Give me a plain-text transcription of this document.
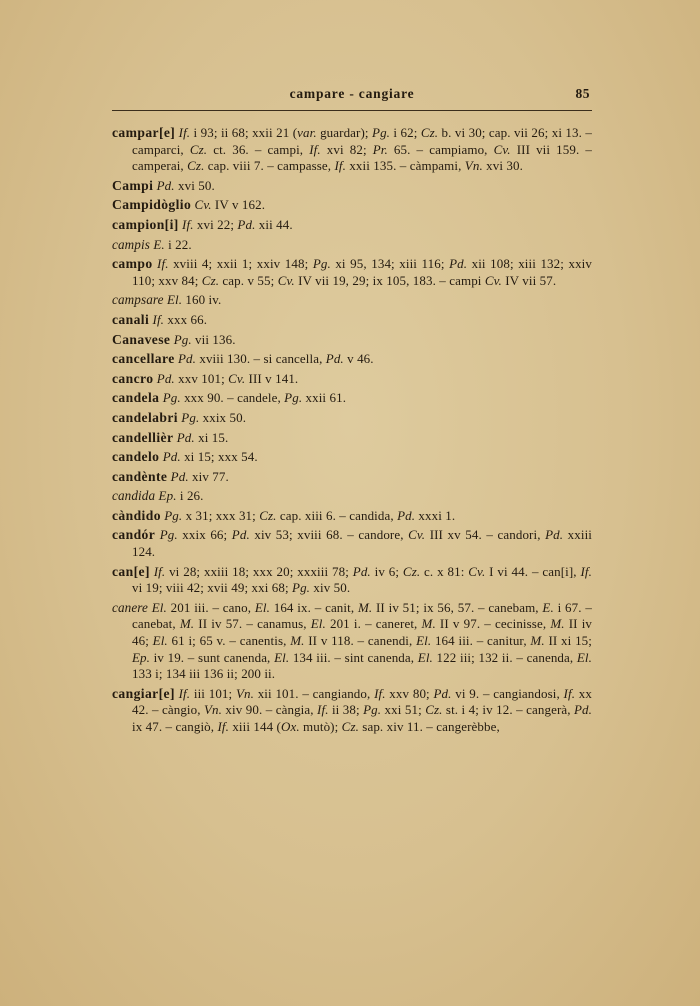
campare - cangiare	85

campar[e] If. i 93; ii 68; xxii 21 (var. guardar); Pg. i 62; Cz. b. vi 30; cap. vii 26; xi 13. – camparci, Cz. ct. 36. – campi, If. xvi 82; Pr. 65. – campiamo, Cv. III vii 159. – camperai, Cz. cap. viii 7. – campasse, If. xxii 135. – càmpami, Vn. xvi 30.

Campi Pd. xvi 50.

Campidòglio Cv. IV v 162.

campion[i] If. xvi 22; Pd. xii 44.

campis E. i 22.

campo If. xviii 4; xxii 1; xxiv 148; Pg. xi 95, 134; xiii 116; Pd. xii 108; xiii 132; xxiv 110; xxv 84; Cz. cap. v 55; Cv. IV vii 19, 29; ix 105, 183. – campi Cv. IV vii 57.

campsare El. 160 iv.

canali If. xxx 66.

Canavese Pg. vii 136.

cancellare Pd. xviii 130. – si cancella, Pd. v 46.

cancro Pd. xxv 101; Cv. III v 141.

candela Pg. xxx 90. – candele, Pg. xxii 61.

candelabri Pg. xxix 50.

candellièr Pd. xi 15.

candelo Pd. xi 15; xxx 54.

candènte Pd. xiv 77.

candida Ep. i 26.

càndido Pg. x 31; xxx 31; Cz. cap. xiii 6. – candida, Pd. xxxi 1.

candór Pg. xxix 66; Pd. xiv 53; xviii 68. – candore, Cv. III xv 54. – candori, Pd. xxiii 124.

can[e] If. vi 28; xxiii 18; xxx 20; xxxiii 78; Pd. iv 6; Cz. c. x 81: Cv. I vi 44. – can[i], If. vi 19; viii 42; xvii 49; xxi 68; Pg. xiv 50.

canere El. 201 iii. – cano, El. 164 ix. – canit, M. II iv 51; ix 56, 57. – canebam, E. i 67. – canebat, M. II iv 57. – canamus, El. 201 i. – caneret, M. II v 97. – cecinisse, M. II iv 46; El. 61 i; 65 v. – canentis, M. II v 118. – canendi, El. 164 iii. – canitur, M. II xi 15; Ep. iv 19. – sunt canenda, El. 134 iii. – sint canenda, El. 122 iii; 132 ii. – canenda, El. 133 i; 134 iii 136 ii; 200 ii.

cangiar[e] If. iii 101; Vn. xii 101. – cangiando, If. xxv 80; Pd. vi 9. – cangiandosi, If. xx 42. – càngio, Vn. xiv 90. – càngia, If. ii 38; Pg. xxi 51; Cz. st. i 4; iv 12. – cangerà, Pd. ix 47. – cangiò, If. xiii 144 (Ox. mutò); Cz. sap. xiv 11. – cangerèbbe,
